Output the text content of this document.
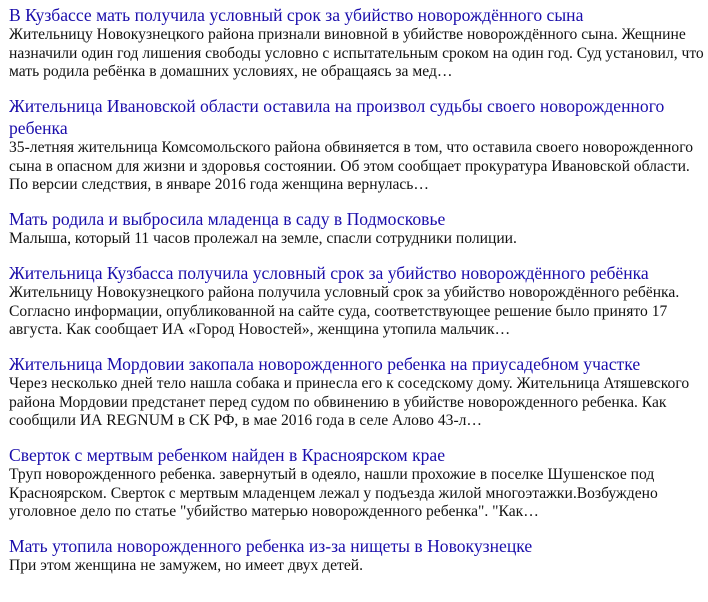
В Кузбассе мать получила условный срок за убийство новорождённого сына
Жительницу Новокузнецкого района признали виновной в убийстве новорождённого сына. Жещнине назначили один год лишения свободы условно с испытательным сроком на один год. Суд установил, что мать родила ребёнка в домашних условиях, не обращаясь за мед…
Жительница Ивановской области оставила на произвол судьбы своего новорожденного ребенка
35-летняя жительница Комсомольского района обвиняется в том, что оставила своего новорожденного сына в опасном для жизни и здоровья состоянии. Об этом сообщает прокуратура Ивановской области. По версии следствия, в январе 2016 года женщина вернулась…
Мать родила и выбросила младенца в саду в Подмосковье
Малыша, который 11 часов пролежал на земле, спасли сотрудники полиции.
Жительница Кузбасса получила условный срок за убийство новорождённого ребёнка
Жительницу Новокузнецкого района получила условный срок за убийство новорождённого ребёнка. Согласно информации, опубликованной на сайте суда, соответствующее решение было принято 17 августа. Как сообщает ИА «Город Новостей», женщина утопила мальчик…
Жительница Мордовии закопала новорожденного ребенка на приусадебном участке
Через несколько дней тело нашла собака и принесла его к соседскому дому. Жительница Атяшевского района Мордовии предстанет перед судом по обвинению в убийстве новорожденного ребенка. Как сообщили ИА REGNUM в СК РФ, в мае 2016 года в селе Алово 43-л…
Сверток с мертвым ребенком найден в Красноярском крае
Труп новорожденного ребенка. завернутый в одеяло, нашли прохожие в поселке Шушенское под Красноярском. Сверток с мертвым младенцем лежал у подъезда жилой многоэтажки.Возбуждено уголовное дело по статье "убийство матерью новорожденного ребенка". "Как…
Мать утопила новорожденного ребенка из-за нищеты в Новокузнецке
При этом женщина не замужем, но имеет двух детей.
